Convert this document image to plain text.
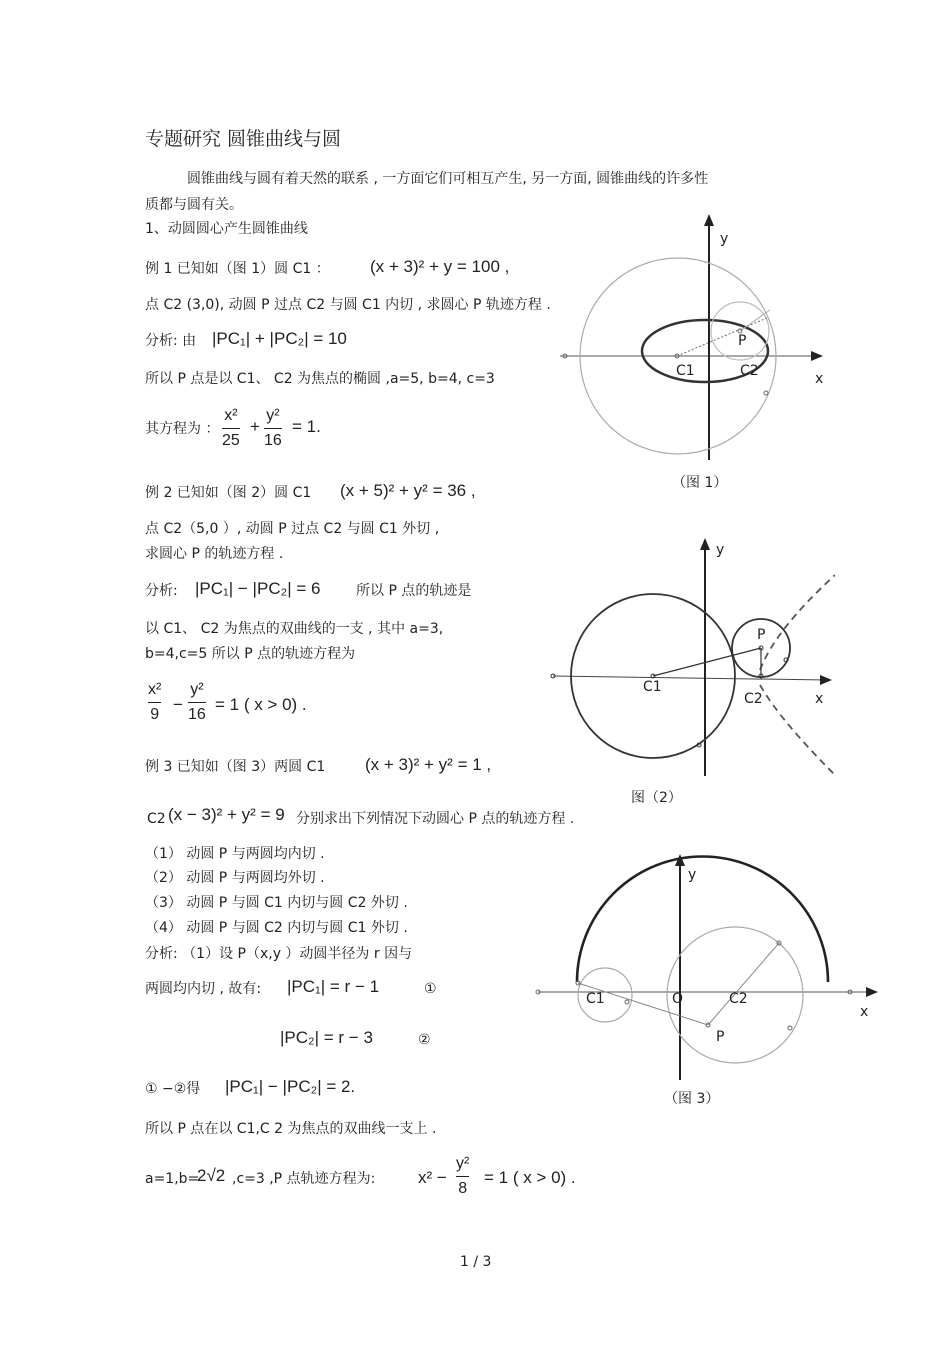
专题研究 圆锥曲线与圆
圆锥曲线与圆有着天然的联系 , 一方面它们可相互产生, 另一方面, 圆锥曲线的许多性
质都与圆有关。
1、动圆圆心产生圆锥曲线
例 1 已知如（图 1）圆 C1 ： (x + 3)² + y = 100 ,
点 C2 (3,0), 动圆 P 过点 C2 与圆 C1 内切 , 求圆心 P 轨迹方程 .
分析: 由 |PC₁| + |PC₂| = 10
所以 P 点是以 C1、 C2 为焦点的椭圆 ,a=5, b=4, c=3
其方程为 ：
x²
25
+
y²
16
= 1.
例 2 已知如（图 2）圆 C1 (x + 5)² + y² = 36 ,
点 C2（5,0 ）, 动圆 P 过点 C2 与圆 C1 外切 ,
求圆心 P 的轨迹方程 .
分析: |PC₁| − |PC₂| = 6	所以 P 点的轨迹是
以 C1、 C2 为焦点的双曲线的一支 , 其中 a=3,
b=4,c=5 所以 P 点的轨迹方程为
x²
9
−
y²
16
= 1 ( x > 0) .
例 3 已知如（图 3）两圆 C1 (x + 3)² + y² = 1 ,
C2 (x − 3)² + y² = 9 分别求出下列情况下动圆心 P 点的轨迹方程 .
（1） 动圆 P 与两圆均内切 .
（2） 动圆 P 与两圆均外切 .
（3） 动圆 P 与圆 C1 内切与圆 C2 外切 .
（4） 动圆 P 与圆 C2 内切与圆 C1 外切 .
分析: （1）设 P（x,y ）动圆半径为 r 因与
两圆均内切 , 故有: |PC₁| = r − 1	①
|PC₂| = r − 3	②
① −②得 |PC₁| − |PC₂| = 2.
所以 P 点在以 C1,C 2 为焦点的双曲线一支上 .
a=1,b=
2√2 ,c=3 ,P 点轨迹方程为:	x² −
y²
8
= 1 ( x > 0) .
y
x
P
C1	C2
（图 1）
y
x
P
C1
C2
图（2）
y
x
P
C1	C2
O
（图 3）
1 / 3
